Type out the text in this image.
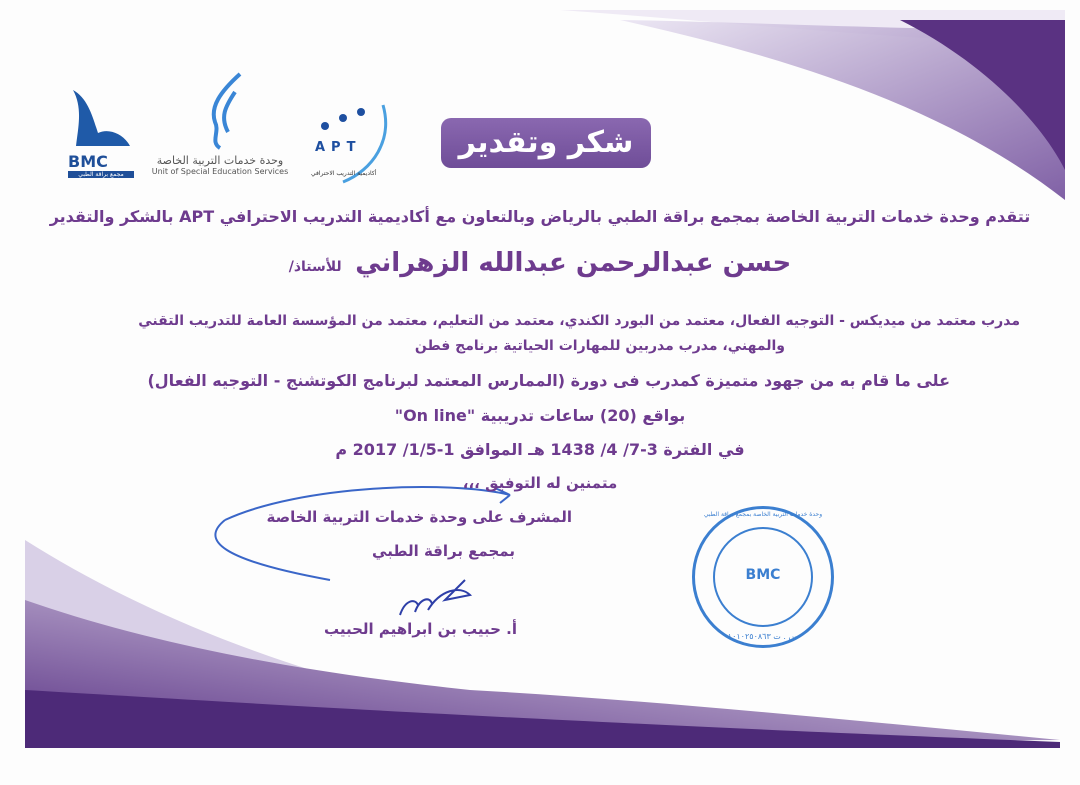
BMC
مجمع براقة الطبي
وحدة خدمات التربية الخاصة
Unit of Special Education Services
APT
أكاديمية التدريب الاحترافي
شكر وتقدير
تتقدم وحدة خدمات التربية الخاصة بمجمع براقة الطبي بالرياض وبالتعاون مع أكاديمية التدريب الاحترافي APT بالشكر والتقدير
حسن عبدالرحمن عبدالله الزهراني للأستاذ/
مدرب معتمد من ميديكس - التوجيه الفعال، معتمد من البورد الكندي، معتمد من التعليم، معتمد من المؤسسة العامة للتدريب التقني
والمهني، مدرب مدربين للمهارات الحياتية برنامج فطن
على ما قام به من جهود متميزة كمدرب فى دورة (الممارس المعتمد لبرنامج الكوتشنج - التوجيه الفعال)
بواقع (20) ساعات تدريبية "On line"
في الفترة 3-7/ 4/ 1438 هـ الموافق 1-1/5/ 2017 م
متمنين له التوفيق ،،،
المشرف على وحدة خدمات التربية الخاصة
بمجمع براقة الطبي
أ. حبيب بن ابراهيم الحبيب
وحدة خدمات التربية الخاصة بمجمع براقة الطبي
BMC
س . ت ١٠١٠٢٥٠٨٦٣
